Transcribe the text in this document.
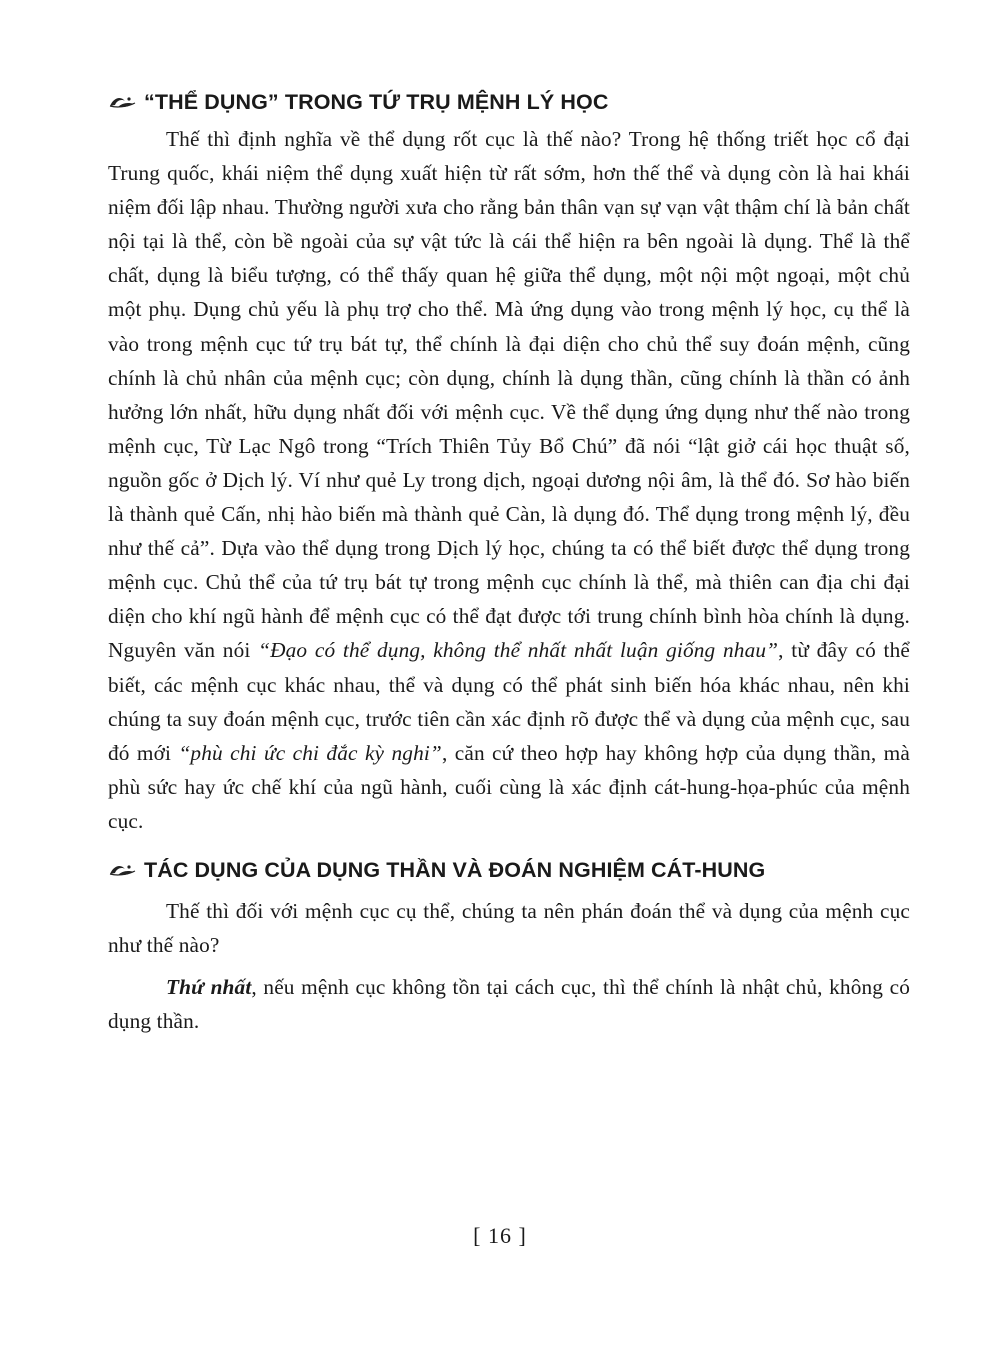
“THỂ DỤNG” TRONG TỨ TRỤ MỆNH LÝ HỌC

Thế thì định nghĩa về thể dụng rốt cục là thế nào? Trong hệ thống triết học cổ đại Trung quốc, khái niệm thể dụng xuất hiện từ rất sớm, hơn thế thể và dụng còn là hai khái niệm đối lập nhau. Thường người xưa cho rằng bản thân vạn sự vạn vật thậm chí là bản chất nội tại là thể, còn bề ngoài của sự vật tức là cái thể hiện ra bên ngoài là dụng. Thể là thể chất, dụng là biểu tượng, có thể thấy quan hệ giữa thể dụng, một nội một ngoại, một chủ một phụ. Dụng chủ yếu là phụ trợ cho thể. Mà ứng dụng vào trong mệnh lý học, cụ thể là vào trong mệnh cục tứ trụ bát tự, thể chính là đại diện cho chủ thể suy đoán mệnh, cũng chính là chủ nhân của mệnh cục; còn dụng, chính là dụng thần, cũng chính là thần có ảnh hưởng lớn nhất, hữu dụng nhất đối với mệnh cục. Về thể dụng ứng dụng như thế nào trong mệnh cục, Từ Lạc Ngô trong “Trích Thiên Tủy Bổ Chú” đã nói “lật giở cái học thuật số, nguồn gốc ở Dịch lý. Ví như quẻ Ly trong dịch, ngoại dương nội âm, là thể đó. Sơ hào biến là thành quẻ Cấn, nhị hào biến mà thành quẻ Càn, là dụng đó. Thể dụng trong mệnh lý, đều như thế cả”. Dựa vào thể dụng trong Dịch lý học, chúng ta có thể biết được thể dụng trong mệnh cục. Chủ thể của tứ trụ bát tự trong mệnh cục chính là thể, mà thiên can địa chi đại diện cho khí ngũ hành để mệnh cục có thể đạt được tới trung chính bình hòa chính là dụng. Nguyên văn nói “Đạo có thể dụng, không thể nhất nhất luận giống nhau”, từ đây có thể biết, các mệnh cục khác nhau, thể và dụng có thể phát sinh biến hóa khác nhau, nên khi chúng ta suy đoán mệnh cục, trước tiên cần xác định rõ được thể và dụng của mệnh cục, sau đó mới “phù chi ức chi đắc kỳ nghi”, căn cứ theo hợp hay không hợp của dụng thần, mà phù sức hay ức chế khí của ngũ hành, cuối cùng là xác định cát-hung-họa-phúc của mệnh cục.

TÁC DỤNG CỦA DỤNG THẦN VÀ ĐOÁN NGHIỆM CÁT-HUNG

Thế thì đối với mệnh cục cụ thể, chúng ta nên phán đoán thể và dụng của mệnh cục như thế nào?

Thứ nhất, nếu mệnh cục không tồn tại cách cục, thì thể chính là nhật chủ, không có dụng thần.

[ 16 ]
